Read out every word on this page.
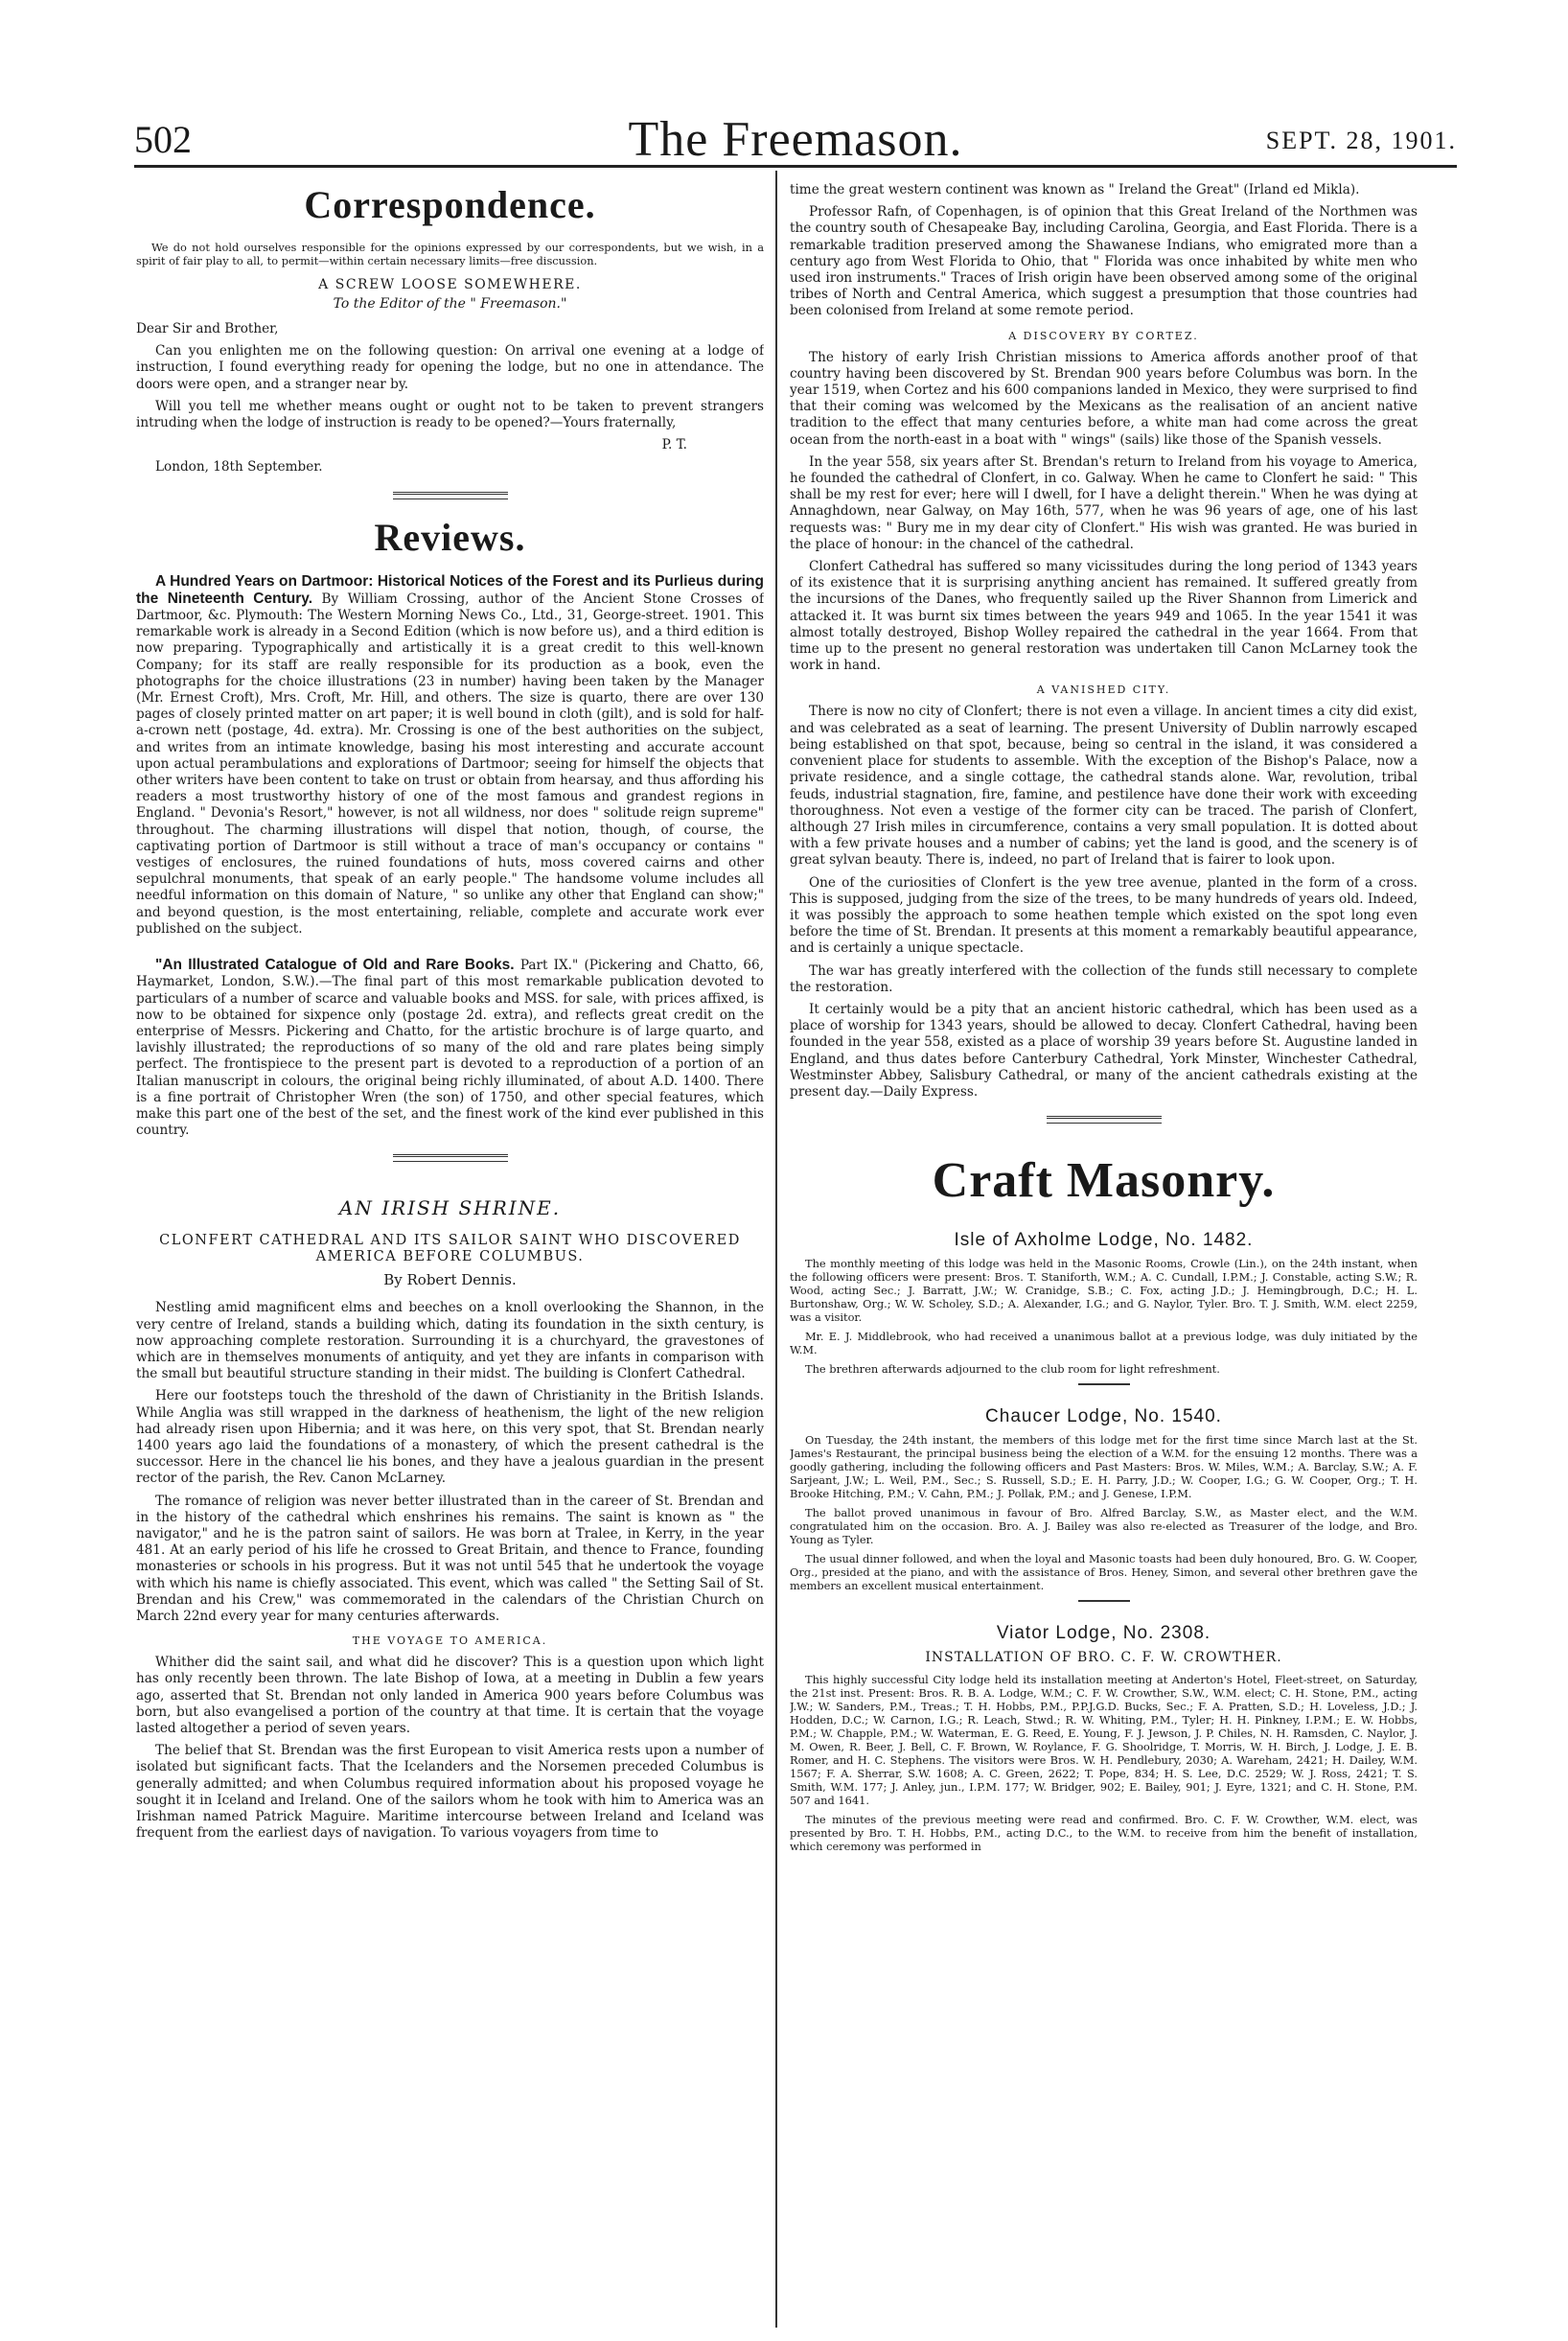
502	The Freemason.	SEPT. 28, 1901.
Correspondence.

We do not hold ourselves responsible for the opinions expressed by our correspondents, but we wish, in a spirit of fair play to all, to permit—within certain necessary limits—free discussion.

A SCREW LOOSE SOMEWHERE.
To the Editor of the " Freemason."

Dear Sir and Brother,

Can you enlighten me on the following question: On arrival one evening at a lodge of instruction, I found everything ready for opening the lodge, but no one in attendance. The doors were open, and a stranger near by.

Will you tell me whether means ought or ought not to be taken to prevent strangers intruding when the lodge of instruction is ready to be opened?—Yours fraternally,

P. T.

London, 18th September.

Reviews.

A Hundred Years on Dartmoor: Historical Notices of the Forest and its Purlieus during the Nineteenth Century. By William Crossing, author of the Ancient Stone Crosses of Dartmoor, &c. Plymouth: The Western Morning News Co., Ltd., 31, George-street. 1901. This remarkable work is already in a Second Edition (which is now before us), and a third edition is now preparing. Typographically and artistically it is a great credit to this well-known Company; for its staff are really responsible for its production as a book, even the photographs for the choice illustrations (23 in number) having been taken by the Manager (Mr. Ernest Croft), Mrs. Croft, Mr. Hill, and others. The size is quarto, there are over 130 pages of closely printed matter on art paper; it is well bound in cloth (gilt), and is sold for half-a-crown nett (postage, 4d. extra). Mr. Crossing is one of the best authorities on the subject, and writes from an intimate knowledge, basing his most interesting and accurate account upon actual perambulations and explorations of Dartmoor; seeing for himself the objects that other writers have been content to take on trust or obtain from hearsay, and thus affording his readers a most trustworthy history of one of the most famous and grandest regions in England. " Devonia's Resort," however, is not all wildness, nor does " solitude reign supreme" throughout. The charming illustrations will dispel that notion, though, of course, the captivating portion of Dartmoor is still without a trace of man's occupancy or contains " vestiges of enclosures, the ruined foundations of huts, moss covered cairns and other sepulchral monuments, that speak of an early people." The handsome volume includes all needful information on this domain of Nature, " so unlike any other that England can show;" and beyond question, is the most entertaining, reliable, complete and accurate work ever published on the subject.

"An Illustrated Catalogue of Old and Rare Books. Part IX." (Pickering and Chatto, 66, Haymarket, London, S.W.).—The final part of this most remarkable publication devoted to particulars of a number of scarce and valuable books and MSS. for sale, with prices affixed, is now to be obtained for sixpence only (postage 2d. extra), and reflects great credit on the enterprise of Messrs. Pickering and Chatto, for the artistic brochure is of large quarto, and lavishly illustrated; the reproductions of so many of the old and rare plates being simply perfect. The frontispiece to the present part is devoted to a reproduction of a portion of an Italian manuscript in colours, the original being richly illuminated, of about A.D. 1400. There is a fine portrait of Christopher Wren (the son) of 1750, and other special features, which make this part one of the best of the set, and the finest work of the kind ever published in this country.

AN IRISH SHRINE.

CLONFERT CATHEDRAL AND ITS SAILOR SAINT WHO DISCOVERED AMERICA BEFORE COLUMBUS.

By Robert Dennis.

Nestling amid magnificent elms and beeches on a knoll overlooking the Shannon, in the very centre of Ireland, stands a building which, dating its foundation in the sixth century, is now approaching complete restoration. Surrounding it is a churchyard, the gravestones of which are in themselves monuments of antiquity, and yet they are infants in comparison with the small but beautiful structure standing in their midst. The building is Clonfert Cathedral.

Here our footsteps touch the threshold of the dawn of Christianity in the British Islands. While Anglia was still wrapped in the darkness of heathenism, the light of the new religion had already risen upon Hibernia; and it was here, on this very spot, that St. Brendan nearly 1400 years ago laid the foundations of a monastery, of which the present cathedral is the successor. Here in the chancel lie his bones, and they have a jealous guardian in the present rector of the parish, the Rev. Canon McLarney.

The romance of religion was never better illustrated than in the career of St. Brendan and in the history of the cathedral which enshrines his remains. The saint is known as " the navigator," and he is the patron saint of sailors. He was born at Tralee, in Kerry, in the year 481. At an early period of his life he crossed to Great Britain, and thence to France, founding monasteries or schools in his progress. But it was not until 545 that he undertook the voyage with which his name is chiefly associated. This event, which was called " the Setting Sail of St. Brendan and his Crew," was commemorated in the calendars of the Christian Church on March 22nd every year for many centuries afterwards.

THE VOYAGE TO AMERICA.

Whither did the saint sail, and what did he discover? This is a question upon which light has only recently been thrown. The late Bishop of Iowa, at a meeting in Dublin a few years ago, asserted that St. Brendan not only landed in America 900 years before Columbus was born, but also evangelised a portion of the country at that time. It is certain that the voyage lasted altogether a period of seven years.

The belief that St. Brendan was the first European to visit America rests upon a number of isolated but significant facts. That the Icelanders and the Norsemen preceded Columbus is generally admitted; and when Columbus required information about his proposed voyage he sought it in Iceland and Ireland. One of the sailors whom he took with him to America was an Irishman named Patrick Maguire. Maritime intercourse between Ireland and Iceland was frequent from the earliest days of navigation. To various voyagers from time to

time the great western continent was known as " Ireland the Great" (Irland ed Mikla).

Professor Rafn, of Copenhagen, is of opinion that this Great Ireland of the Northmen was the country south of Chesapeake Bay, including Carolina, Georgia, and East Florida. There is a remarkable tradition preserved among the Shawanese Indians, who emigrated more than a century ago from West Florida to Ohio, that " Florida was once inhabited by white men who used iron instruments." Traces of Irish origin have been observed among some of the original tribes of North and Central America, which suggest a presumption that those countries had been colonised from Ireland at some remote period.

A DISCOVERY BY CORTEZ.

The history of early Irish Christian missions to America affords another proof of that country having been discovered by St. Brendan 900 years before Columbus was born. In the year 1519, when Cortez and his 600 companions landed in Mexico, they were surprised to find that their coming was welcomed by the Mexicans as the realisation of an ancient native tradition to the effect that many centuries before, a white man had come across the great ocean from the north-east in a boat with " wings" (sails) like those of the Spanish vessels.

In the year 558, six years after St. Brendan's return to Ireland from his voyage to America, he founded the cathedral of Clonfert, in co. Galway. When he came to Clonfert he said: " This shall be my rest for ever; here will I dwell, for I have a delight therein." When he was dying at Annaghdown, near Galway, on May 16th, 577, when he was 96 years of age, one of his last requests was: " Bury me in my dear city of Clonfert." His wish was granted. He was buried in the place of honour: in the chancel of the cathedral.

Clonfert Cathedral has suffered so many vicissitudes during the long period of 1343 years of its existence that it is surprising anything ancient has remained. It suffered greatly from the incursions of the Danes, who frequently sailed up the River Shannon from Limerick and attacked it. It was burnt six times between the years 949 and 1065. In the year 1541 it was almost totally destroyed, Bishop Wolley repaired the cathedral in the year 1664. From that time up to the present no general restoration was undertaken till Canon McLarney took the work in hand.

A VANISHED CITY.

There is now no city of Clonfert; there is not even a village. In ancient times a city did exist, and was celebrated as a seat of learning. The present University of Dublin narrowly escaped being established on that spot, because, being so central in the island, it was considered a convenient place for students to assemble. With the exception of the Bishop's Palace, now a private residence, and a single cottage, the cathedral stands alone. War, revolution, tribal feuds, industrial stagnation, fire, famine, and pestilence have done their work with exceeding thoroughness. Not even a vestige of the former city can be traced. The parish of Clonfert, although 27 Irish miles in circumference, contains a very small population. It is dotted about with a few private houses and a number of cabins; yet the land is good, and the scenery is of great sylvan beauty. There is, indeed, no part of Ireland that is fairer to look upon.

One of the curiosities of Clonfert is the yew tree avenue, planted in the form of a cross. This is supposed, judging from the size of the trees, to be many hundreds of years old. Indeed, it was possibly the approach to some heathen temple which existed on the spot long even before the time of St. Brendan. It presents at this moment a remarkably beautiful appearance, and is certainly a unique spectacle.

The war has greatly interfered with the collection of the funds still necessary to complete the restoration.

It certainly would be a pity that an ancient historic cathedral, which has been used as a place of worship for 1343 years, should be allowed to decay. Clonfert Cathedral, having been founded in the year 558, existed as a place of worship 39 years before St. Augustine landed in England, and thus dates before Canterbury Cathedral, York Minster, Winchester Cathedral, Westminster Abbey, Salisbury Cathedral, or many of the ancient cathedrals existing at the present day.—Daily Express.

Craft Masonry.
Isle of Axholme Lodge, No. 1482.

The monthly meeting of this lodge was held in the Masonic Rooms, Crowle (Lin.), on the 24th instant, when the following officers were present: Bros. T. Staniforth, W.M.; A. C. Cundall, I.P.M.; J. Constable, acting S.W.; R. Wood, acting Sec.; J. Barratt, J.W.; W. Cranidge, S.B.; C. Fox, acting J.D.; J. Hemingbrough, D.C.; H. L. Burtonshaw, Org.; W. W. Scholey, S.D.; A. Alexander, I.G.; and G. Naylor, Tyler. Bro. T. J. Smith, W.M. elect 2259, was a visitor.

Mr. E. J. Middlebrook, who had received a unanimous ballot at a previous lodge, was duly initiated by the W.M.

The brethren afterwards adjourned to the club room for light refreshment.

Chaucer Lodge, No. 1540.

On Tuesday, the 24th instant, the members of this lodge met for the first time since March last at the St. James's Restaurant, the principal business being the election of a W.M. for the ensuing 12 months. There was a goodly gathering, including the following officers and Past Masters: Bros. W. Miles, W.M.; A. Barclay, S.W.; A. F. Sarjeant, J.W.; L. Weil, P.M., Sec.; S. Russell, S.D.; E. H. Parry, J.D.; W. Cooper, I.G.; G. W. Cooper, Org.; T. H. Brooke Hitching, P.M.; V. Cahn, P.M.; J. Pollak, P.M.; and J. Genese, I.P.M.

The ballot proved unanimous in favour of Bro. Alfred Barclay, S.W., as Master elect, and the W.M. congratulated him on the occasion. Bro. A. J. Bailey was also re-elected as Treasurer of the lodge, and Bro. Young as Tyler.

The usual dinner followed, and when the loyal and Masonic toasts had been duly honoured, Bro. G. W. Cooper, Org., presided at the piano, and with the assistance of Bros. Heney, Simon, and several other brethren gave the members an excellent musical entertainment.

Viator Lodge, No. 2308.
INSTALLATION OF BRO. C. F. W. CROWTHER.

This highly successful City lodge held its installation meeting at Anderton's Hotel, Fleet-street, on Saturday, the 21st inst. Present: Bros. R. B. A. Lodge, W.M.; C. F. W. Crowther, S.W., W.M. elect; C. H. Stone, P.M., acting J.W.; W. Sanders, P.M., Treas.; T. H. Hobbs, P.M., P.P.J.G.D. Bucks, Sec.; F. A. Pratten, S.D.; H. Loveless, J.D.; J. Hodden, D.C.; W. Carnon, I.G.; R. Leach, Stwd.; R. W. Whiting, P.M., Tyler; H. H. Pinkney, I.P.M.; E. W. Hobbs, P.M.; W. Chapple, P.M.; W. Waterman, E. G. Reed, E. Young, F. J. Jewson, J. P. Chiles, N. H. Ramsden, C. Naylor, J. M. Owen, R. Beer, J. Bell, C. F. Brown, W. Roylance, F. G. Shoolridge, T. Morris, W. H. Birch, J. Lodge, J. E. B. Romer, and H. C. Stephens. The visitors were Bros. W. H. Pendlebury, 2030; A. Wareham, 2421; H. Dailey, W.M. 1567; F. A. Sherrar, S.W. 1608; A. C. Green, 2622; T. Pope, 834; H. S. Lee, D.C. 2529; W. J. Ross, 2421; T. S. Smith, W.M. 177; J. Anley, jun., I.P.M. 177; W. Bridger, 902; E. Bailey, 901; J. Eyre, 1321; and C. H. Stone, P.M. 507 and 1641.

The minutes of the previous meeting were read and confirmed. Bro. C. F. W. Crowther, W.M. elect, was presented by Bro. T. H. Hobbs, P.M., acting D.C., to the W.M. to receive from him the benefit of installation, which ceremony was performed in
